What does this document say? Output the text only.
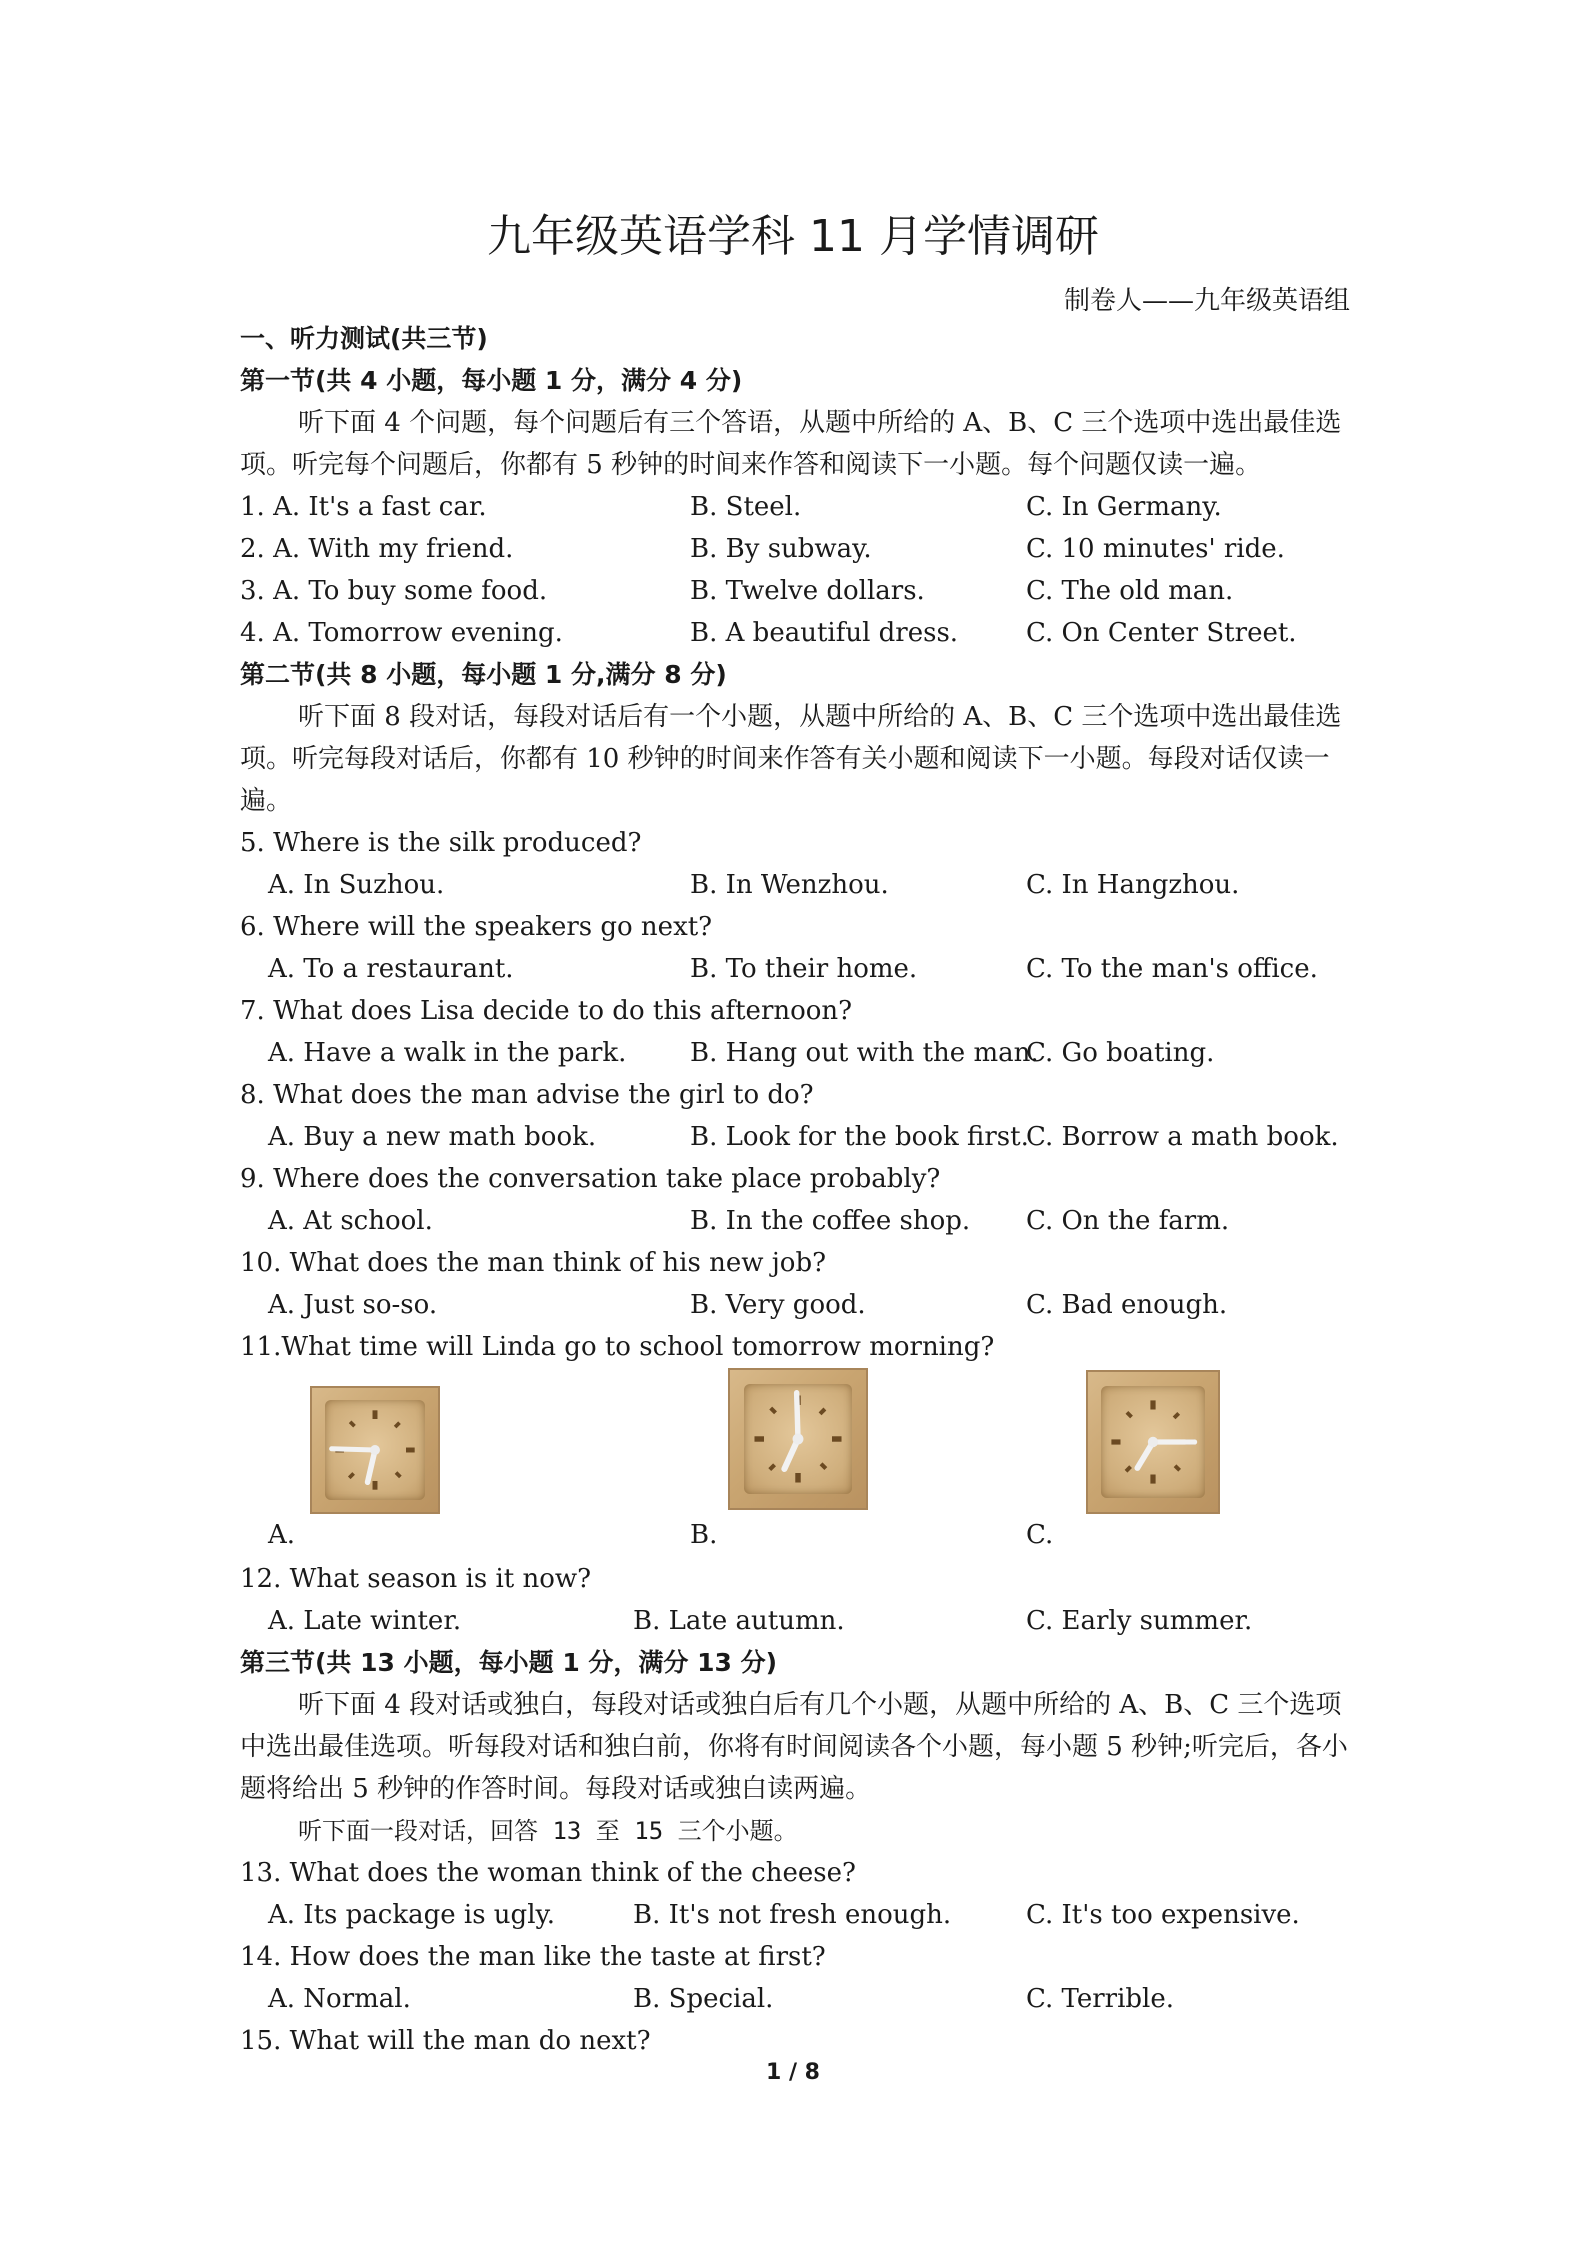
九年级英语学科 11 月学情调研
制卷人——九年级英语组
一、听力测试(共三节)
第一节(共 4 小题，每小题 1 分，满分 4 分)
听下面 4 个问题，每个问题后有三个答语，从题中所给的 A、B、C 三个选项中选出最佳选项。听完每个问题后，你都有 5 秒钟的时间来作答和阅读下一小题。每个问题仅读一遍。
1. A. It's a fast car.	B. Steel.	C. In Germany.
2. A. With my friend.	B. By subway.	C. 10 minutes' ride.
3. A. To buy some food.	B. Twelve dollars.	C. The old man.
4. A. Tomorrow evening.	B. A beautiful dress.	C. On Center Street.
第二节(共 8 小题，每小题 1 分,满分 8 分)
听下面 8 段对话，每段对话后有一个小题，从题中所给的 A、B、C 三个选项中选出最佳选项。听完每段对话后，你都有 10 秒钟的时间来作答有关小题和阅读下一小题。每段对话仅读一遍。
5. Where is the silk produced?
A. In Suzhou.	B. In Wenzhou.	C. In Hangzhou.
6. Where will the speakers go next?
A. To a restaurant.	B. To their home.	C. To the man's office.
7. What does Lisa decide to do this afternoon?
A. Have a walk in the park. B. Hang out with the man.
C. Go boating.
8. What does the man advise the girl to do?
A. Buy a new math book.	B. Look for the book first.
C. Borrow a math book.
9. Where does the conversation take place probably?
A. At school.	B. In the coffee shop. C. On the farm.
10. What does the man think of his new job?
A. Just so-so.	B. Very good.	C. Bad enough.
11.What time will Linda go to school tomorrow morning?
A.	B.	C.
12. What season is it now?
A. Late winter.	B. Late autumn.	C. Early summer.
第三节(共 13 小题，每小题 1 分，满分 13 分)
听下面 4 段对话或独白，每段对话或独白后有几个小题，从题中所给的 A、B、C 三个选项中选出最佳选项。听每段对话和独白前，你将有时间阅读各个小题，每小题 5 秒钟;听完后，各小题将给出 5 秒钟的作答时间。每段对话或独白读两遍。
听下面一段对话，回答 13 至 15 三个小题。
13. What does the woman think of the cheese?
A. Its package is ugly.	B. It's not fresh enough.	C. It's too expensive.
14. How does the man like the taste at first?
A. Normal.	B. Special.	C. Terrible.
15. What will the man do next?
1 / 8
